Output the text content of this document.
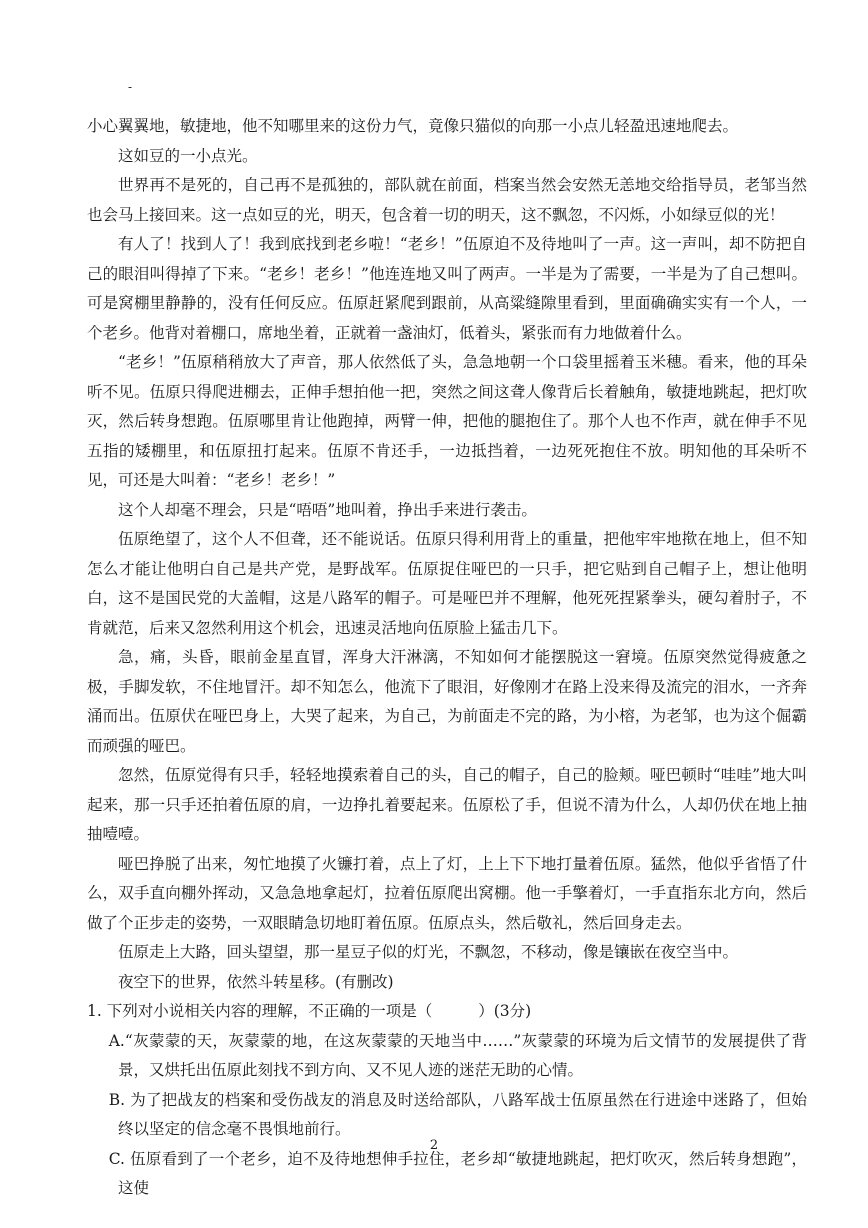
-

小心翼翼地，敏捷地，他不知哪里来的这份力气，竟像只猫似的向那一小点儿轻盈迅速地爬去。

这如豆的一小点光。

世界再不是死的，自己再不是孤独的，部队就在前面，档案当然会安然无恙地交给指导员，老邹当然也会马上接回来。这一点如豆的光，明天，包含着一切的明天，这不飘忽，不闪烁，小如绿豆似的光！

有人了！找到人了！我到底找到老乡啦！“老乡！”伍原迫不及待地叫了一声。这一声叫，却不防把自己的眼泪叫得掉了下来。“老乡！老乡！”他连连地又叫了两声。一半是为了需要，一半是为了自己想叫。可是窝棚里静静的，没有任何反应。伍原赶紧爬到跟前，从高粱缝隙里看到，里面确确实实有一个人，一个老乡。他背对着棚口，席地坐着，正就着一盏油灯，低着头，紧张而有力地做着什么。

“老乡！”伍原稍稍放大了声音，那人依然低了头，急急地朝一个口袋里摇着玉米穗。看来，他的耳朵听不见。伍原只得爬进棚去，正伸手想拍他一把，突然之间这聋人像背后长着触角，敏捷地跳起，把灯吹灭，然后转身想跑。伍原哪里肯让他跑掉，两臂一伸，把他的腿抱住了。那个人也不作声，就在伸手不见五指的矮棚里，和伍原扭打起来。伍原不肯还手，一边抵挡着，一边死死抱住不放。明知他的耳朵听不见，可还是大叫着：“老乡！老乡！”

这个人却毫不理会，只是“唔唔”地叫着，挣出手来进行袭击。

伍原绝望了，这个人不但聋，还不能说话。伍原只得利用背上的重量，把他牢牢地揿在地上，但不知怎么才能让他明白自己是共产党，是野战军。伍原捉住哑巴的一只手，把它贴到自己帽子上，想让他明白，这不是国民党的大盖帽，这是八路军的帽子。可是哑巴并不理解，他死死捏紧拳头，硬勾着肘子，不肯就范，后来又忽然利用这个机会，迅速灵活地向伍原脸上猛击几下。

急，痛，头昏，眼前金星直冒，浑身大汗淋漓，不知如何才能摆脱这一窘境。伍原突然觉得疲惫之极，手脚发软，不住地冒汗。却不知怎么，他流下了眼泪，好像刚才在路上没来得及流完的泪水，一齐奔涌而出。伍原伏在哑巴身上，大哭了起来，为自己，为前面走不完的路，为小榕，为老邹，也为这个倔霸而顽强的哑巴。

忽然，伍原觉得有只手，轻轻地摸索着自己的头，自己的帽子，自己的脸颊。哑巴顿时“哇哇”地大叫起来，那一只手还拍着伍原的肩，一边挣扎着要起来。伍原松了手，但说不清为什么，人却仍伏在地上抽抽噎噎。

哑巴挣脱了出来，匆忙地摸了火镰打着，点上了灯，上上下下地打量着伍原。猛然，他似乎省悟了什么，双手直向棚外挥动，又急急地拿起灯，拉着伍原爬出窝棚。他一手擎着灯，一手直指东北方向，然后做了个正步走的姿势，一双眼睛急切地盯着伍原。伍原点头，然后敬礼，然后回身走去。

伍原走上大路，回头望望，那一星豆子似的灯光，不飘忽，不移动，像是镶嵌在夜空当中。

夜空下的世界，依然斗转星移。(有删改)

1. 下列对小说相关内容的理解，不正确的一项是（	）(3分)

A.“灰蒙蒙的天，灰蒙蒙的地，在这灰蒙蒙的天地当中……”灰蒙蒙的环境为后文情节的发展提供了背景，又烘托出伍原此刻找不到方向、又不见人迹的迷茫无助的心情。

B. 为了把战友的档案和受伤战友的消息及时送给部队，八路军战士伍原虽然在行进途中迷路了，但始终以坚定的信念毫不畏惧地前行。

C. 伍原看到了一个老乡，迫不及待地想伸手拉住，老乡却“敏捷地跳起，把灯吹灭，然后转身想跑”，这使

2
